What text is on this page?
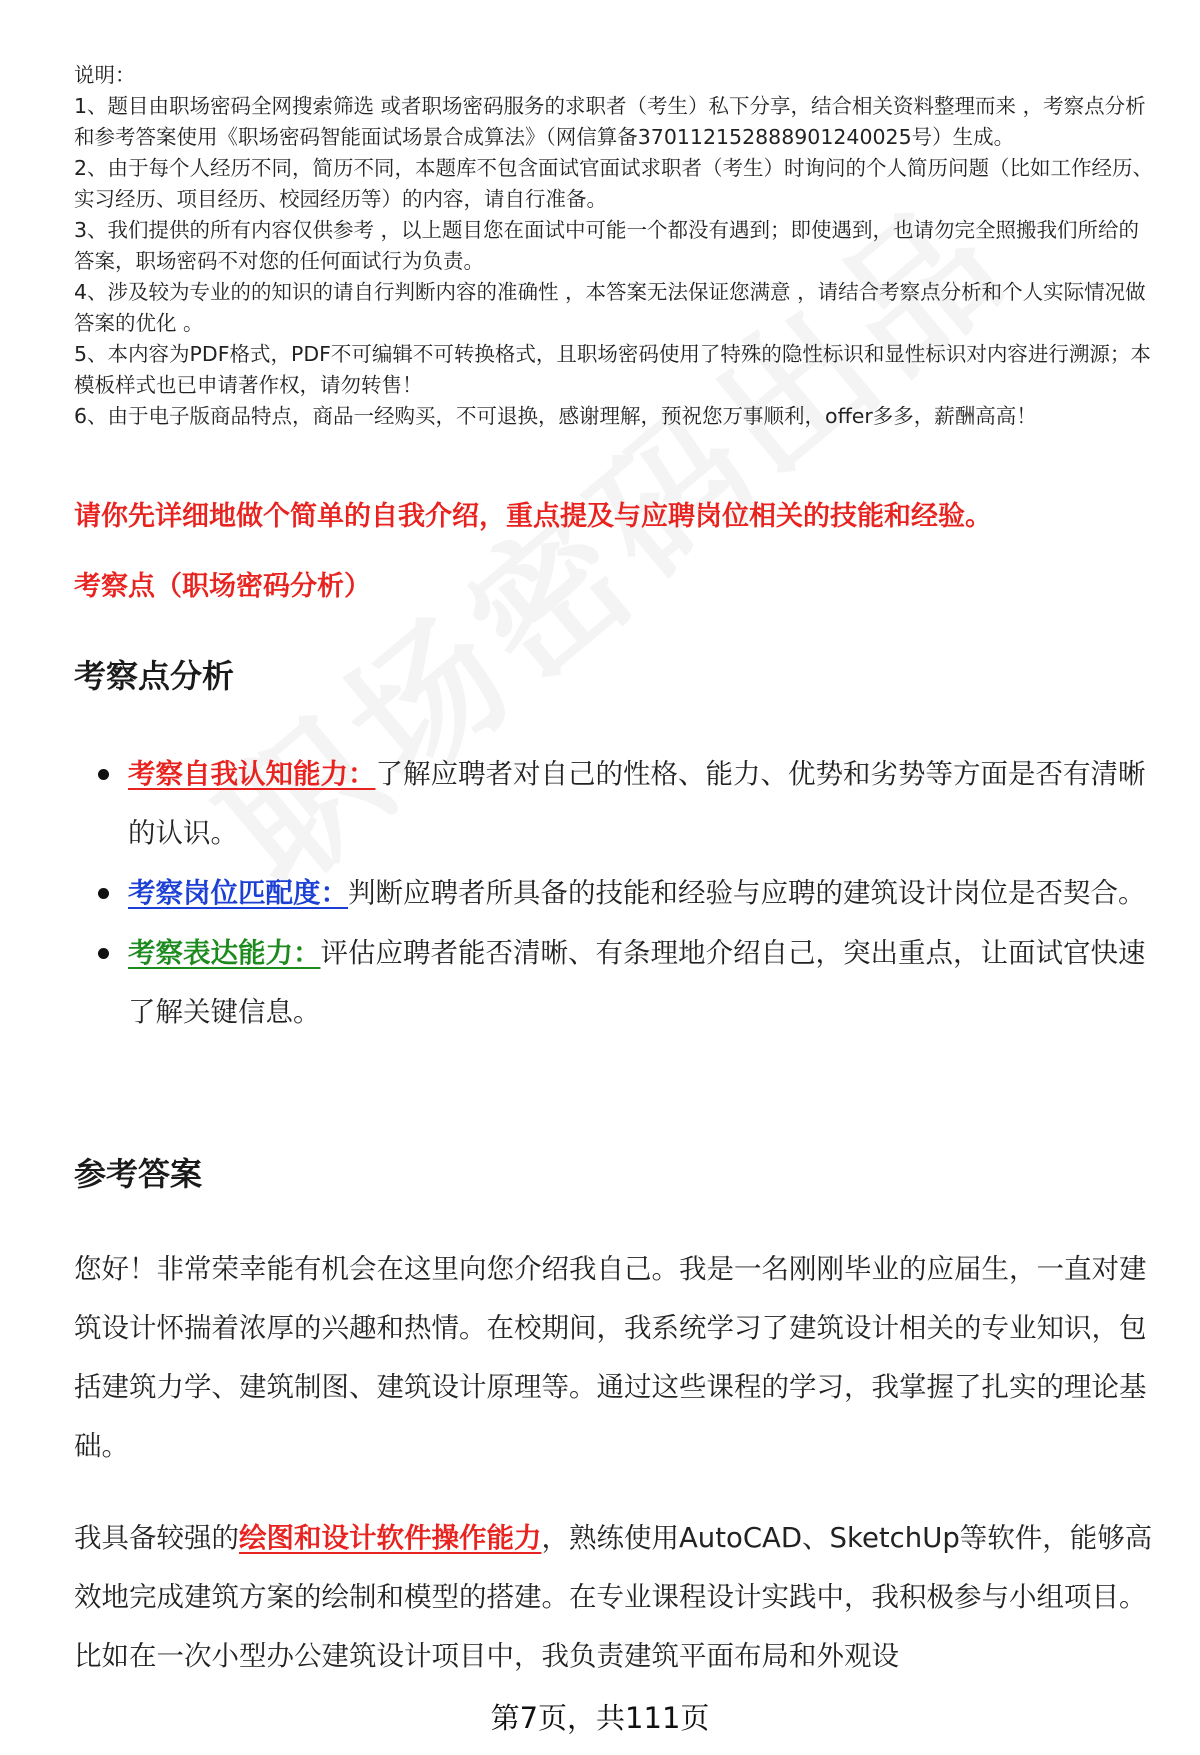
说明：

1、题目由职场密码全网搜索筛选 或者职场密码服务的求职者（考生）私下分享，结合相关资料整理而来 ，考察点分析和参考答案使用《职场密码智能面试场景合成算法》（网信算备370112152888901240025号）生成。

2、由于每个人经历不同，简历不同，本题库不包含面试官面试求职者（考生）时询问的个人简历问题（比如工作经历、实习经历、项目经历、校园经历等）的内容，请自行准备。

3、我们提供的所有内容仅供参考 ，以上题目您在面试中可能一个都没有遇到；即使遇到，也请勿完全照搬我们所给的答案，职场密码不对您的任何面试行为负责。

4、涉及较为专业的的知识的请自行判断内容的准确性 ，本答案无法保证您满意 ，请结合考察点分析和个人实际情况做答案的优化 。

5、本内容为PDF格式，PDF不可编辑不可转换格式，且职场密码使用了特殊的隐性标识和显性标识对内容进行溯源；本模板样式也已申请著作权，请勿转售！

6、由于电子版商品特点，商品一经购买，不可退换，感谢理解，预祝您万事顺利，offer多多，薪酬高高！

请你先详细地做个简单的自我介绍，重点提及与应聘岗位相关的技能和经验。
考察点（职场密码分析）
考察点分析
考察自我认知能力：了解应聘者对自己的性格、能力、优势和劣势等方面是否有清晰的认识。
考察岗位匹配度：判断应聘者所具备的技能和经验与应聘的建筑设计岗位是否契合。
考察表达能力：评估应聘者能否清晰、有条理地介绍自己，突出重点，让面试官快速了解关键信息。
参考答案

您好！非常荣幸能有机会在这里向您介绍我自己。我是一名刚刚毕业的应届生，一直对建筑设计怀揣着浓厚的兴趣和热情。在校期间，我系统学习了建筑设计相关的专业知识，包括建筑力学、建筑制图、建筑设计原理等。通过这些课程的学习，我掌握了扎实的理论基础。

我具备较强的绘图和设计软件操作能力，熟练使用AutoCAD、SketchUp等软件，能够高效地完成建筑方案的绘制和模型的搭建。在专业课程设计实践中，我积极参与小组项目。比如在一次小型办公建筑设计项目中，我负责建筑平面布局和外观设

第7页，共111页
